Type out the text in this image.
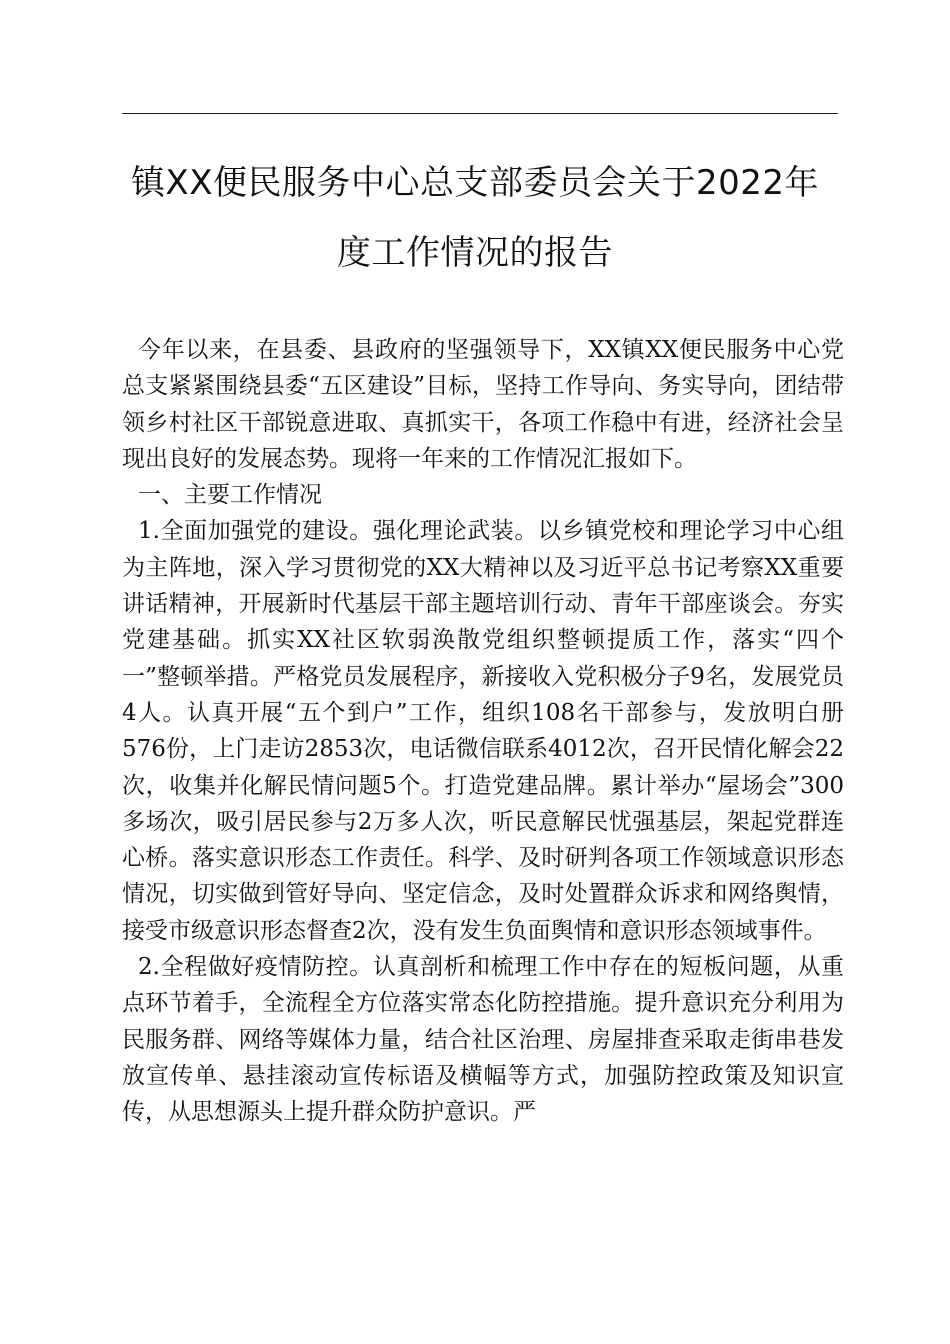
镇XX便民服务中心总支部委员会关于2022年
度工作情况的报告

今年以来，在县委、县政府的坚强领导下，XX镇XX便民服务中心党总支紧紧围绕县委“五区建设”目标，坚持工作导向、务实导向，团结带领乡村社区干部锐意进取、真抓实干，各项工作稳中有进，经济社会呈现出良好的发展态势。现将一年来的工作情况汇报如下。

一、主要工作情况

1.全面加强党的建设。强化理论武装。以乡镇党校和理论学习中心组为主阵地，深入学习贯彻党的XX大精神以及习近平总书记考察XX重要讲话精神，开展新时代基层干部主题培训行动、青年干部座谈会。夯实党建基础。抓实XX社区软弱涣散党组织整顿提质工作，落实“四个一”整顿举措。严格党员发展程序，新接收入党积极分子9名，发展党员4人。认真开展“五个到户”工作，组织108名干部参与，发放明白册576份，上门走访2853次，电话微信联系4012次，召开民情化解会22次，收集并化解民情问题5个。打造党建品牌。累计举办“屋场会”300多场次，吸引居民参与2万多人次，听民意解民忧强基层，架起党群连心桥。落实意识形态工作责任。科学、及时研判各项工作领域意识形态情况，切实做到管好导向、坚定信念，及时处置群众诉求和网络舆情，接受市级意识形态督查2次，没有发生负面舆情和意识形态领域事件。

2.全程做好疫情防控。认真剖析和梳理工作中存在的短板问题，从重点环节着手，全流程全方位落实常态化防控措施。提升意识充分利用为民服务群、网络等媒体力量，结合社区治理、房屋排查采取走街串巷发放宣传单、悬挂滚动宣传标语及横幅等方式，加强防控政策及知识宣传，从思想源头上提升群众防护意识。严
